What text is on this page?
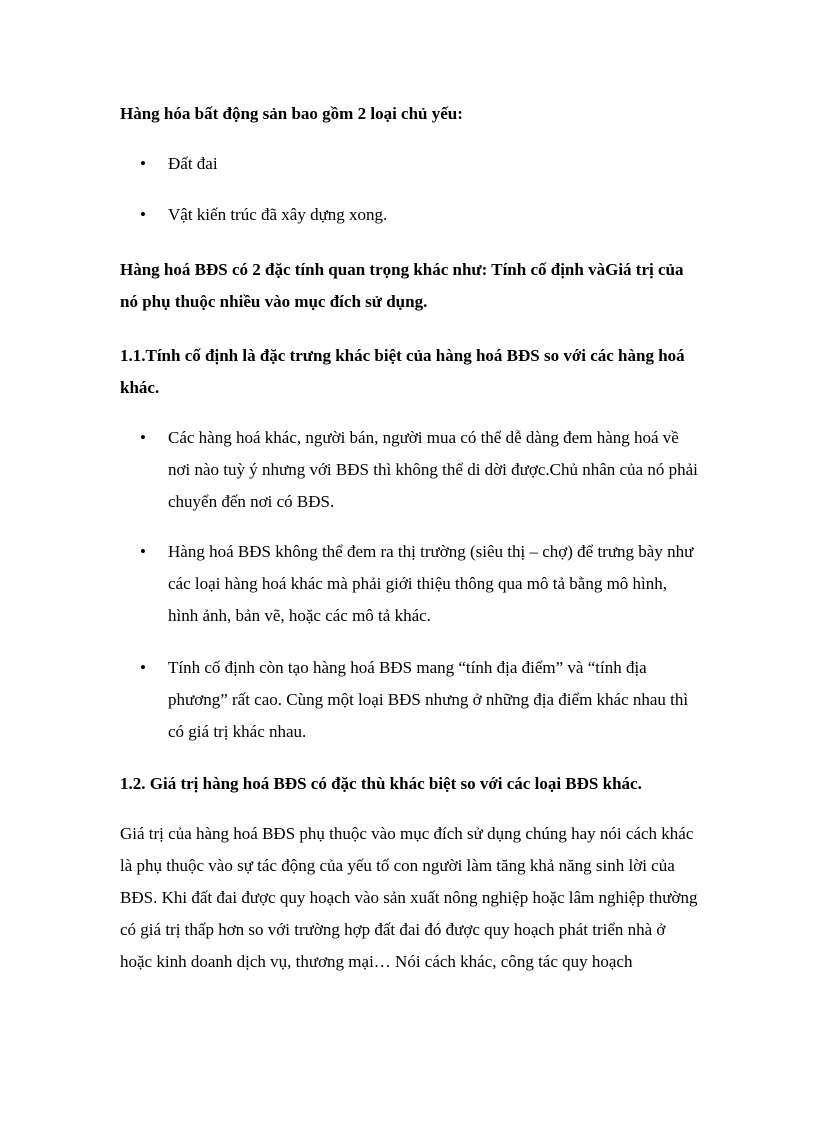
Hàng hóa bất động sản bao gồm 2 loại chủ yếu:

•	Đất đai

•	Vật kiến trúc đã xây dựng xong.

Hàng hoá BĐS có 2 đặc tính quan trọng khác như: Tính cố định vàGiá trị của nó phụ thuộc nhiều vào mục đích sử dụng.

1.1.Tính cố định là đặc trưng khác biệt của hàng hoá BĐS so với các hàng hoá khác.

•	Các hàng hoá khác, người bán, người mua có thể dễ dàng đem hàng hoá về nơi nào tuỳ ý nhưng với BĐS thì không thể di dời được.Chủ nhân của nó phải chuyển đến nơi có BĐS.

•	Hàng hoá BĐS không thể đem ra thị trường (siêu thị – chợ) để trưng bày như các loại hàng hoá khác mà phải giới thiệu thông qua mô tả bằng mô hình, hình ảnh, bản vẽ, hoặc các mô tả khác.

•	Tính cố định còn tạo hàng hoá BĐS mang “tính địa điểm” và “tính địa phương” rất cao. Cùng một loại BĐS nhưng ở những địa điểm khác nhau thì có giá trị khác nhau.

1.2. Giá trị hàng hoá BĐS có đặc thù khác biệt so với các loại BĐS khác.

Giá trị của hàng hoá BĐS phụ thuộc vào mục đích sử dụng chúng hay nói cách khác là phụ thuộc vào sự tác động của yếu tố con người làm tăng khả năng sinh lời của BĐS. Khi đất đai được quy hoạch vào sản xuất nông nghiệp hoặc lâm nghiệp thường có giá trị thấp hơn so với trường hợp đất đai đó được quy hoạch phát triển nhà ở hoặc kinh doanh dịch vụ, thương mại… Nói cách khác, công tác quy hoạch
